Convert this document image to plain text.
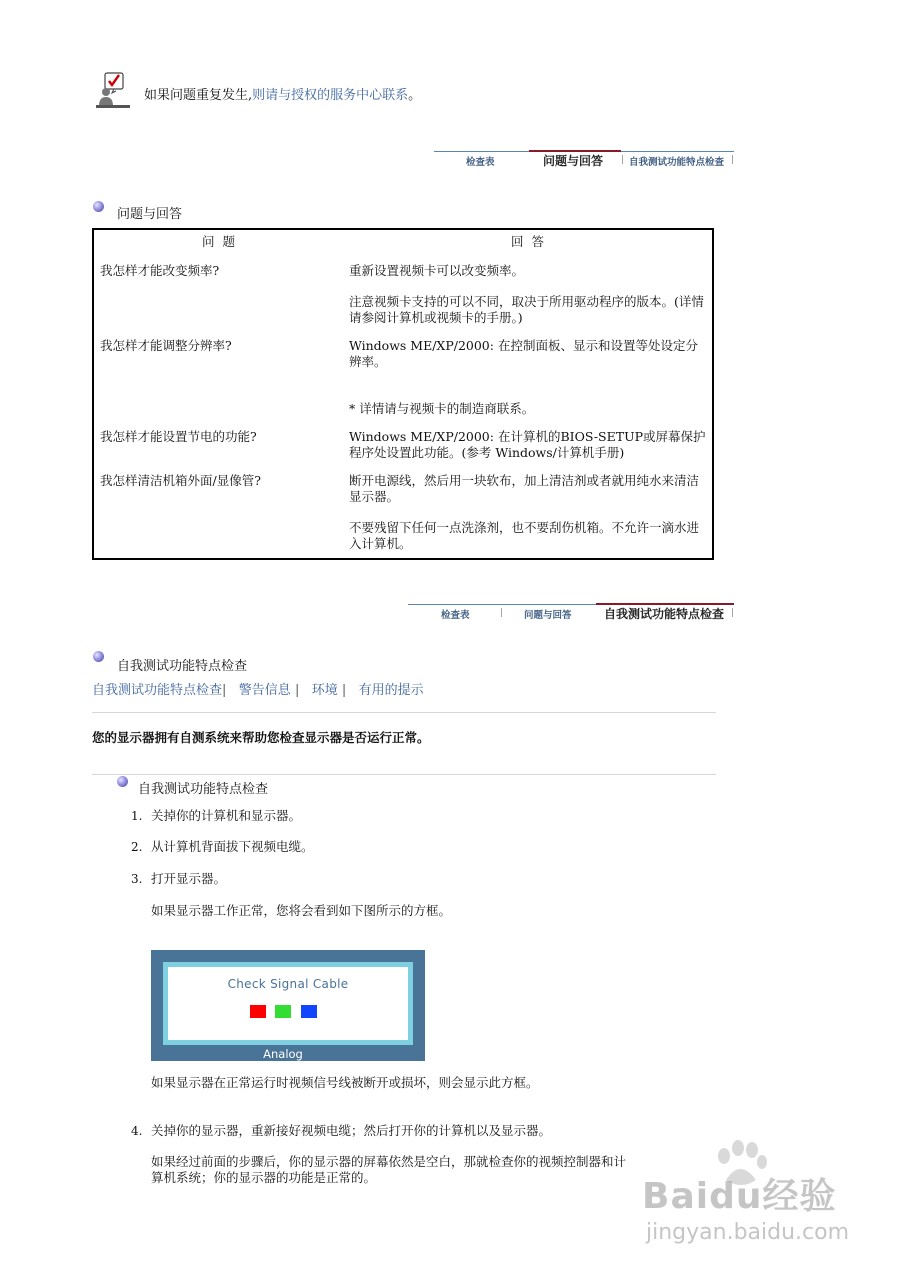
如果问题重复发生,则请与授权的服务中心联系。
检查表	问题与回答 | 自我测试功能特点检查 |
问题与回答
问  题	回  答
我怎样才能改变频率?	重新设置视频卡可以改变频率。
注意视频卡支持的可以不同，取决于所用驱动程序的版本。(详情请参阅计算机或视频卡的手册。)
我怎样才能调整分辨率?	Windows ME/XP/2000: 在控制面板、显示和设置等处设定分辨率。
* 详情请与视频卡的制造商联系。
我怎样才能设置节电的功能?	Windows ME/XP/2000: 在计算机的BIOS-SETUP或屏幕保护程序处设置此功能。(参考 Windows/计算机手册)
我怎样清洁机箱外面/显像管?	断开电源线，然后用一块软布，加上清洁剂或者就用纯水来清洁显示器。
不要残留下任何一点洗涤剂，也不要刮伤机箱。不允许一滴水进入计算机。
检查表	| 问题与回答	自我测试功能特点检查 |
自我测试功能特点检查
自我测试功能特点检查|   警告信息 |   环境 |   有用的提示
您的显示器拥有自测系统来帮助您检查显示器是否运行正常。
自我测试功能特点检查
1. 关掉你的计算机和显示器。
2. 从计算机背面拔下视频电缆。
3. 打开显示器。
如果显示器工作正常，您将会看到如下图所示的方框。
Check Signal Cable
Analog
如果显示器在正常运行时视频信号线被断开或损坏，则会显示此方框。
4. 关掉你的显示器，重新接好视频电缆；然后打开你的计算机以及显示器。
如果经过前面的步骤后，你的显示器的屏幕依然是空白，那就检查你的视频控制器和计
算机系统；你的显示器的功能是正常的。	Baidu经验
jingyan.baidu.com
